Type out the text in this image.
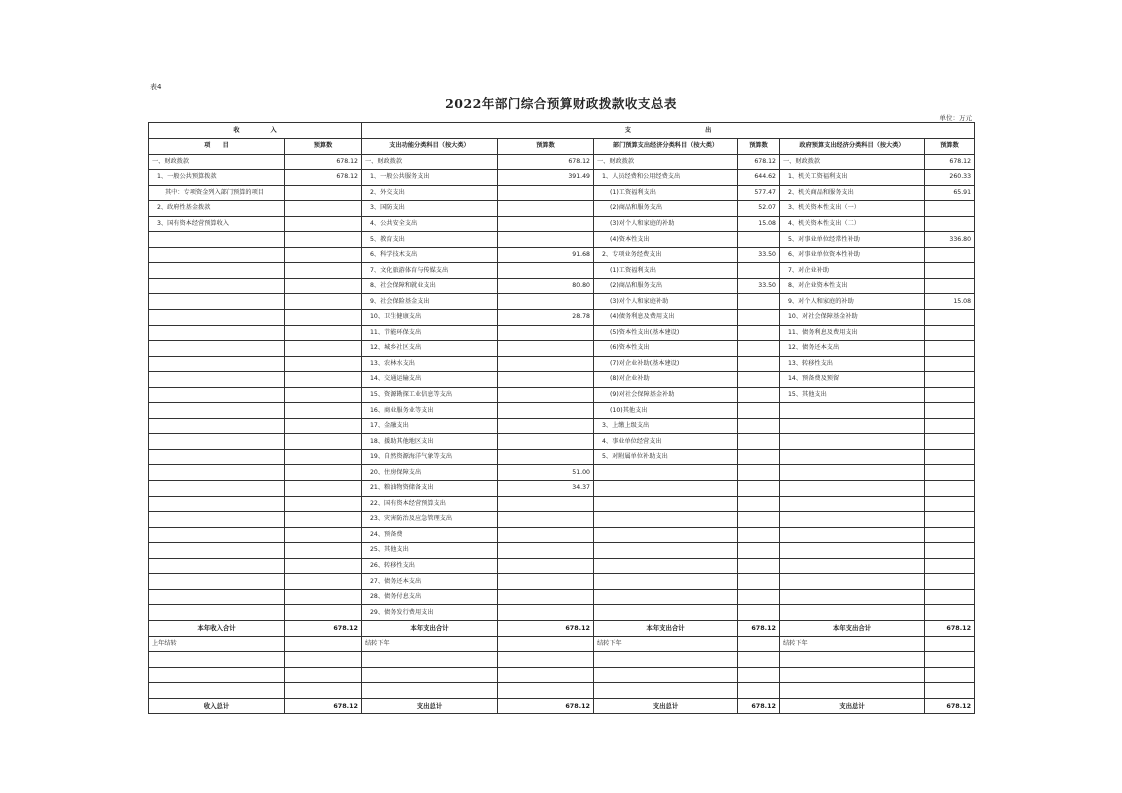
表4
2022年部门综合预算财政拨款收支总表
单位：万元
收　　　　　入		支　　　　　　　　　　　　出					
项　　目	预算数	支出功能分类科目（按大类）	预算数	部门预算支出经济分类科目（按大类）	预算数	政府预算支出经济分类科目（按大类）	预算数
一、财政拨款	678.12	一、财政拨款	678.12	一、财政拨款	678.12	一、财政拨款	678.12
1、一般公共预算拨款	678.12	1、一般公共服务支出	391.49	1、人员经费和公用经费支出	644.62	1、机关工资福利支出	260.33
其中：专项资金列入部门预算的项目		2、外交支出		(1)工资福利支出	577.47	2、机关商品和服务支出	65.91
2、政府性基金拨款		3、国防支出		(2)商品和服务支出	52.07	3、机关资本性支出（一）	
3、国有资本经营预算收入		4、公共安全支出		(3)对个人和家庭的补助	15.08	4、机关资本性支出（二）	
		5、教育支出		(4)资本性支出		5、对事业单位经常性补助	336.80
		6、科学技术支出	91.68	2、专项业务经费支出	33.50	6、对事业单位资本性补助	
		7、文化旅游体育与传媒支出		(1)工资福利支出		7、对企业补助	
		8、社会保障和就业支出	80.80	(2)商品和服务支出	33.50	8、对企业资本性支出	
		9、社会保险基金支出		(3)对个人和家庭补助		9、对个人和家庭的补助	15.08
		10、卫生健康支出	28.78	(4)债务利息及费用支出		10、对社会保障基金补助	
		11、节能环保支出		(5)资本性支出(基本建设)		11、债务利息及费用支出	
		12、城乡社区支出		(6)资本性支出		12、债务还本支出	
		13、农林水支出		(7)对企业补助(基本建设)		13、转移性支出	
		14、交通运输支出		(8)对企业补助		14、预备费及预留	
		15、资源勘探工业信息等支出		(9)对社会保障基金补助		15、其他支出	
		16、商业服务业等支出		(10)其他支出			
		17、金融支出		3、上缴上级支出			
		18、援助其他地区支出		4、事业单位经营支出			
		19、自然资源海洋气象等支出		5、对附属单位补助支出			
		20、住房保障支出	51.00				
		21、粮油物资储备支出	34.37				
		22、国有资本经营预算支出					
		23、灾害防治及应急管理支出					
		24、预备费					
		25、其他支出					
		26、转移性支出					
		27、债务还本支出					
		28、债务付息支出					
		29、债务发行费用支出					
本年收入合计	678.12	本年支出合计	678.12	本年支出合计	678.12	本年支出合计	678.12
上年结转		结转下年		结转下年		结转下年	

收入总计	678.12	支出总计	678.12	支出总计	678.12	支出总计	678.12
